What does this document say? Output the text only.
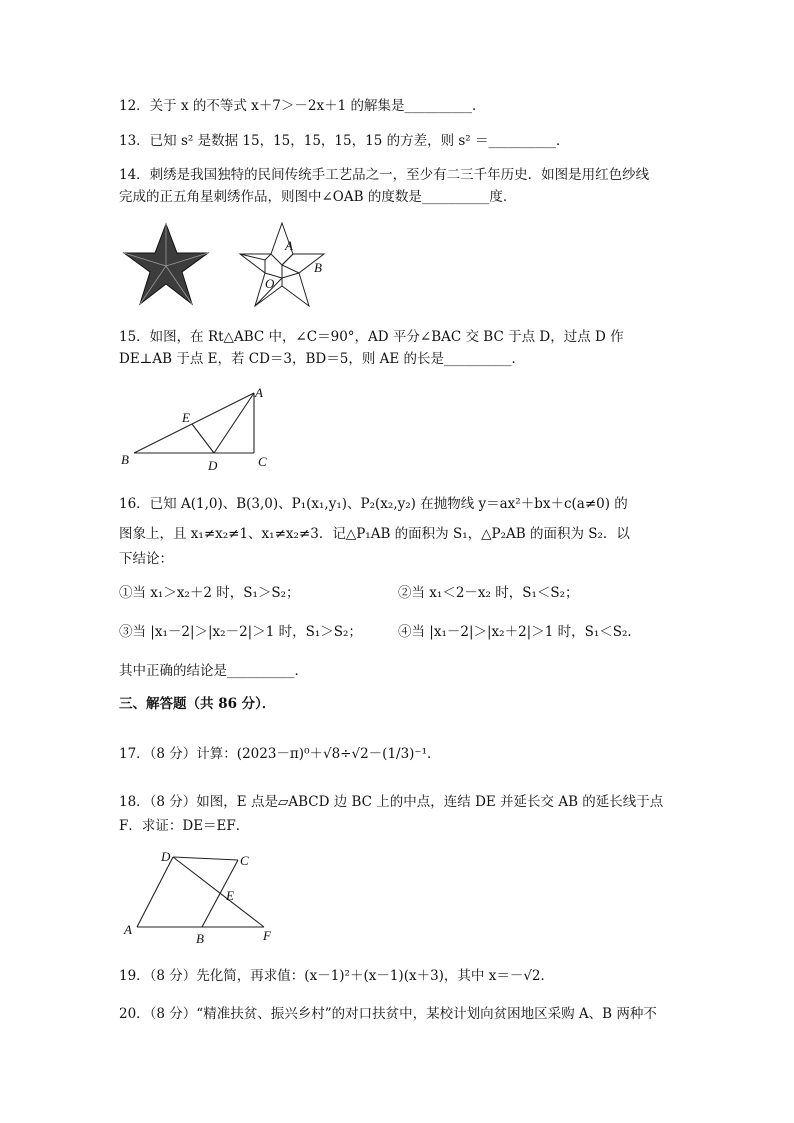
12．关于 x 的不等式 x＋7＞－2x＋1 的解集是__________．
13．已知 s² 是数据 15，15，15，15，15 的方差，则 s² ＝__________．
14．刺绣是我国独特的民间传统手工艺品之一，至少有二三千年历史．如图是用红色纱线
完成的正五角星刺绣作品，则图中∠OAB 的度数是__________度．
A
B
O
15．如图，在 Rt△ABC 中，∠C＝90°，AD 平分∠BAC 交 BC 于点 D，过点 D 作
DE⊥AB 于点 E，若 CD＝3，BD＝5，则 AE 的长是__________．
A
B	C
D
E
16．已知 A(1,0)、B(3,0)、P₁(x₁,y₁)、P₂(x₂,y₂) 在抛物线 y＝ax²＋bx＋c(a≠0) 的
图象上，且 x₁≠x₂≠1、x₁≠x₂≠3．记△P₁AB 的面积为 S₁，△P₂AB 的面积为 S₂．以
下结论：
①当 x₁＞x₂＋2 时，S₁＞S₂；	②当 x₁＜2－x₂ 时，S₁＜S₂；
③当 |x₁－2|＞|x₂－2|＞1 时，S₁＞S₂；	④当 |x₁－2|＞|x₂＋2|＞1 时，S₁＜S₂．
其中正确的结论是__________．
三、解答题（共 86 分）．
17．（8 分）计算：(2023－π)⁰＋√8÷√2－(1/3)⁻¹．
18．（8 分）如图，E 点是▱ABCD 边 BC 上的中点，连结 DE 并延长交 AB 的延长线于点
F．求证：DE＝EF．
D	C
E
A
B	F
19．（8 分）先化简，再求值：(x－1)²＋(x－1)(x＋3)，其中 x＝－√2．
20．（8 分）“精准扶贫、振兴乡村”的对口扶贫中，某校计划向贫困地区采购 A、B 两种不
